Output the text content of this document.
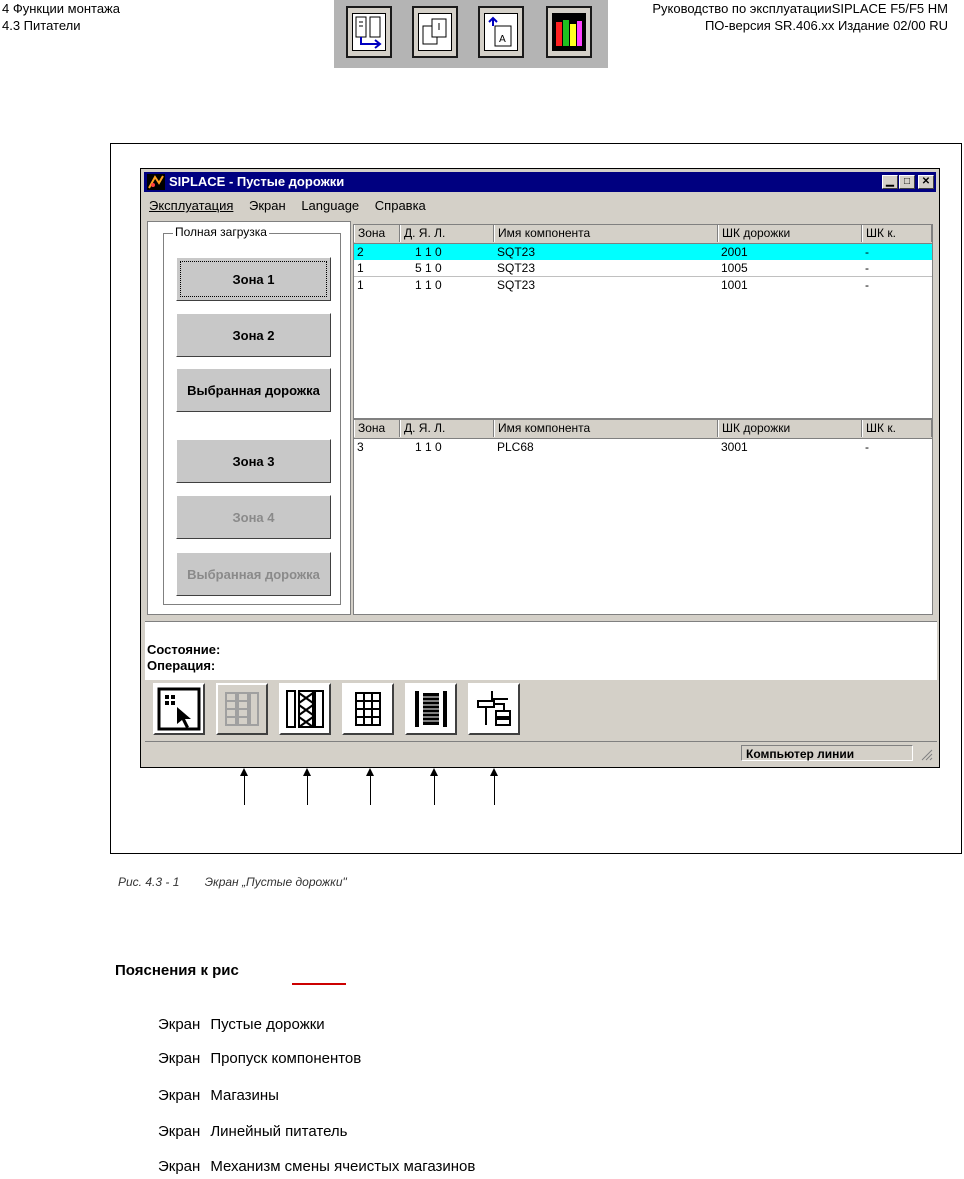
4 Функции монтажа
4.3 Питатели
Руководство по эксплуатацииSIPLACE F5/F5 HM
ПО-версия SR.406.xx Издание 02/00 RU
A
SIPLACE - Пустые дорожки	▁	□	✕
Эксплуатация Экран Language Справка
Полная загрузка
Зона 1
Зона 2
Выбранная дорожка
Зона 3
Зона 4
Выбранная дорожка
Зона	Д. Я. Л.	Имя компонента	ШК дорожки	ШК к.
2	1 1 0	SQT23	2001	-
1	5 1 0	SQT23	1005	-
1	1 1 0	SQT23	1001	-
Зона	Д. Я. Л.	Имя компонента	ШК дорожки	ШК к.
3	1 1 0	PLC68	3001	-
Состояние:
Операция:
Компьютер линии
Рис. 4.3 - 1 Экран „Пустые дорожки"
Пояснения к рис
Экран Пустые дорожки
Экран Пропуск компонентов
Экран Магазины
Экран Линейный питатель
Экран Механизм смены ячеистых магазинов
